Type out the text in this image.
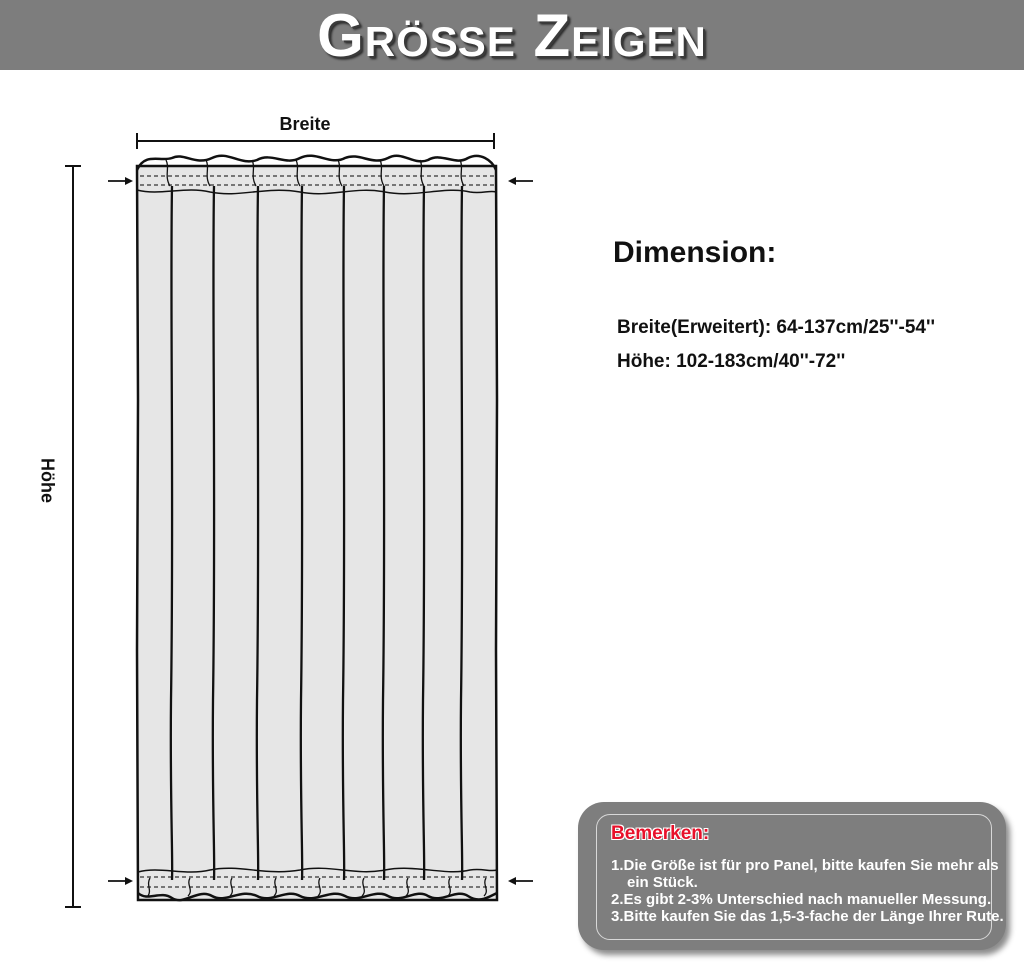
Größe Zeigen
Breite
Höhe
Dimension:
Breite(Erweitert): 64-137cm/25''-54''
Höhe: 102-183cm/40''-72''
Bemerken:
1.Die Größe ist für pro Panel, bitte kaufen Sie mehr als ein Stück.
2.Es gibt 2-3% Unterschied nach manueller Messung.
3.Bitte kaufen Sie das 1,5-3-fache der Länge Ihrer Rute.
